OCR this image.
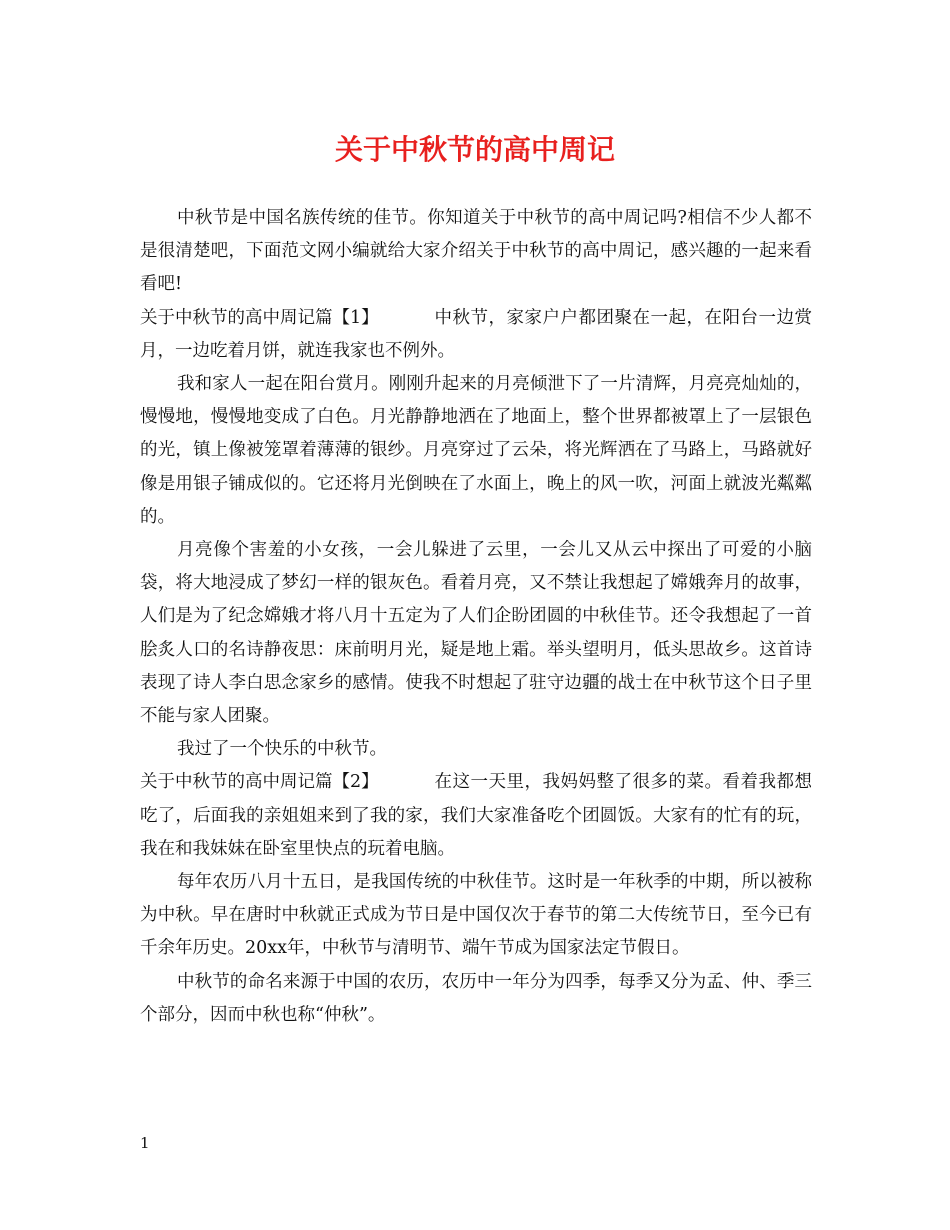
关于中秋节的高中周记

中秋节是中国名族传统的佳节。你知道关于中秋节的高中周记吗?相信不少人都不是很清楚吧，下面范文网小编就给大家介绍关于中秋节的高中周记，感兴趣的一起来看看吧!

关于中秋节的高中周记篇【1】	中秋节，家家户户都团聚在一起，在阳台一边赏月，一边吃着月饼，就连我家也不例外。

我和家人一起在阳台赏月。刚刚升起来的月亮倾泄下了一片清辉，月亮亮灿灿的，慢慢地，慢慢地变成了白色。月光静静地洒在了地面上，整个世界都被罩上了一层银色的光，镇上像被笼罩着薄薄的银纱。月亮穿过了云朵，将光辉洒在了马路上，马路就好像是用银子铺成似的。它还将月光倒映在了水面上，晚上的风一吹，河面上就波光粼粼的。

月亮像个害羞的小女孩，一会儿躲进了云里，一会儿又从云中探出了可爱的小脑袋，将大地浸成了梦幻一样的银灰色。看着月亮，又不禁让我想起了嫦娥奔月的故事，人们是为了纪念嫦娥才将八月十五定为了人们企盼团圆的中秋佳节。还令我想起了一首脍炙人口的名诗静夜思：床前明月光，疑是地上霜。举头望明月，低头思故乡。这首诗表现了诗人李白思念家乡的感情。使我不时想起了驻守边疆的战士在中秋节这个日子里不能与家人团聚。

我过了一个快乐的中秋节。

关于中秋节的高中周记篇【2】	在这一天里，我妈妈整了很多的菜。看着我都想吃了，后面我的亲姐姐来到了我的家，我们大家准备吃个团圆饭。大家有的忙有的玩，我在和我妹妹在卧室里快点的玩着电脑。

每年农历八月十五日，是我国传统的中秋佳节。这时是一年秋季的中期，所以被称为中秋。早在唐时中秋就正式成为节日是中国仅次于春节的第二大传统节日，至今已有千余年历史。20xx年，中秋节与清明节、端午节成为国家法定节假日。

中秋节的命名来源于中国的农历，农历中一年分为四季，每季又分为孟、仲、季三个部分，因而中秋也称“仲秋”。

1
